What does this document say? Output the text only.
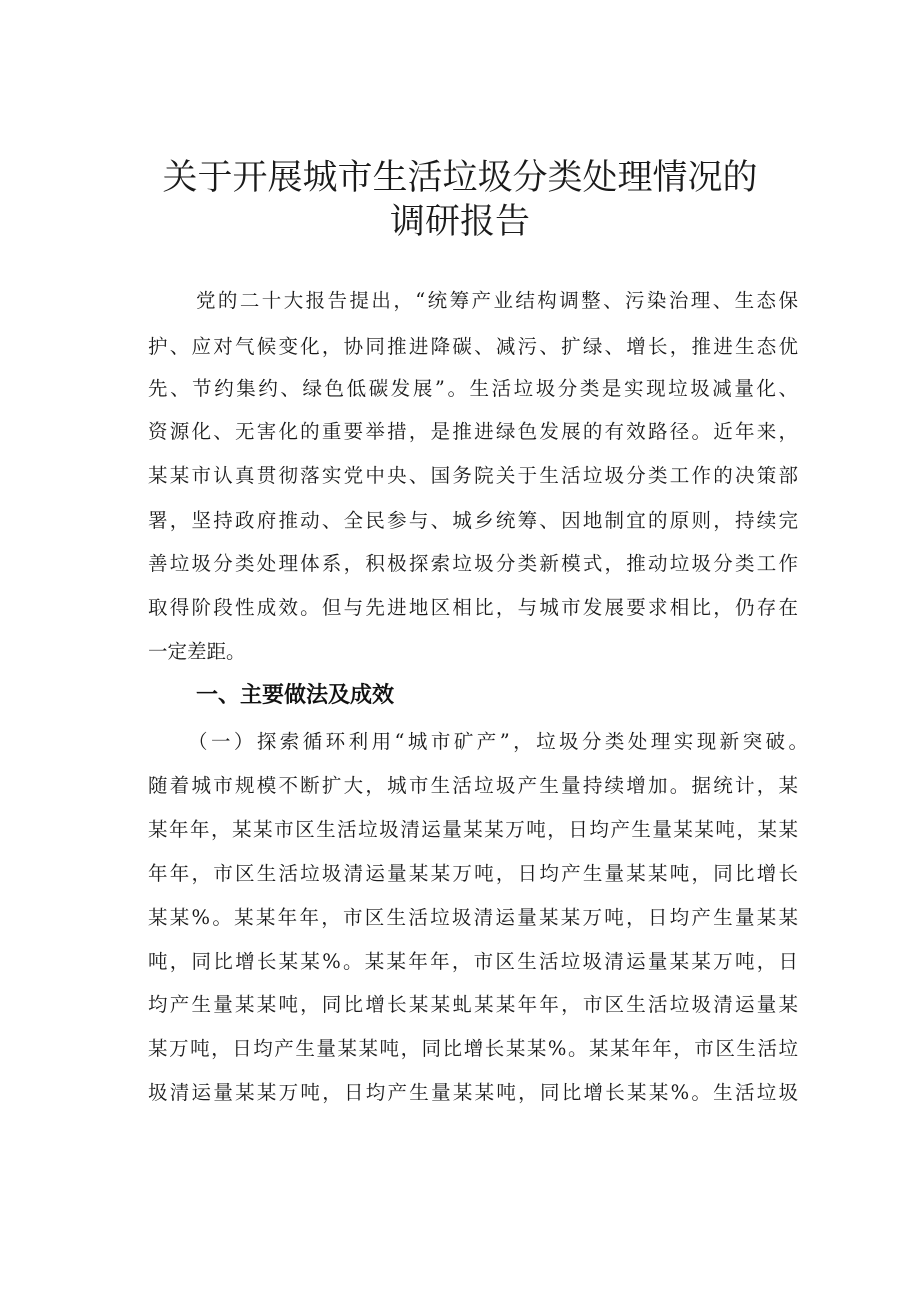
关于开展城市生活垃圾分类处理情况的
调研报告
党的二十大报告提出，“统筹产业结构调整、污染治理、生态保
护、应对气候变化，协同推进降碳、减污、扩绿、增长，推进生态优
先、节约集约、绿色低碳发展”。生活垃圾分类是实现垃圾减量化、
资源化、无害化的重要举措，是推进绿色发展的有效路径。近年来，
某某市认真贯彻落实党中央、国务院关于生活垃圾分类工作的决策部
署，坚持政府推动、全民参与、城乡统筹、因地制宜的原则，持续完
善垃圾分类处理体系，积极探索垃圾分类新模式，推动垃圾分类工作
取得阶段性成效。但与先进地区相比，与城市发展要求相比，仍存在
一定差距。
一、主要做法及成效
（一）探索循环利用“城市矿产”，垃圾分类处理实现新突破。
随着城市规模不断扩大，城市生活垃圾产生量持续增加。据统计，某
某年年，某某市区生活垃圾清运量某某万吨，日均产生量某某吨，某某
年年，市区生活垃圾清运量某某万吨，日均产生量某某吨，同比增长
某某%。某某年年，市区生活垃圾清运量某某万吨，日均产生量某某
吨，同比增长某某%。某某年年，市区生活垃圾清运量某某万吨，日
均产生量某某吨，同比增长某某虬某某年年，市区生活垃圾清运量某
某万吨，日均产生量某某吨，同比增长某某%。某某年年，市区生活垃
圾清运量某某万吨，日均产生量某某吨，同比增长某某%。生活垃圾
